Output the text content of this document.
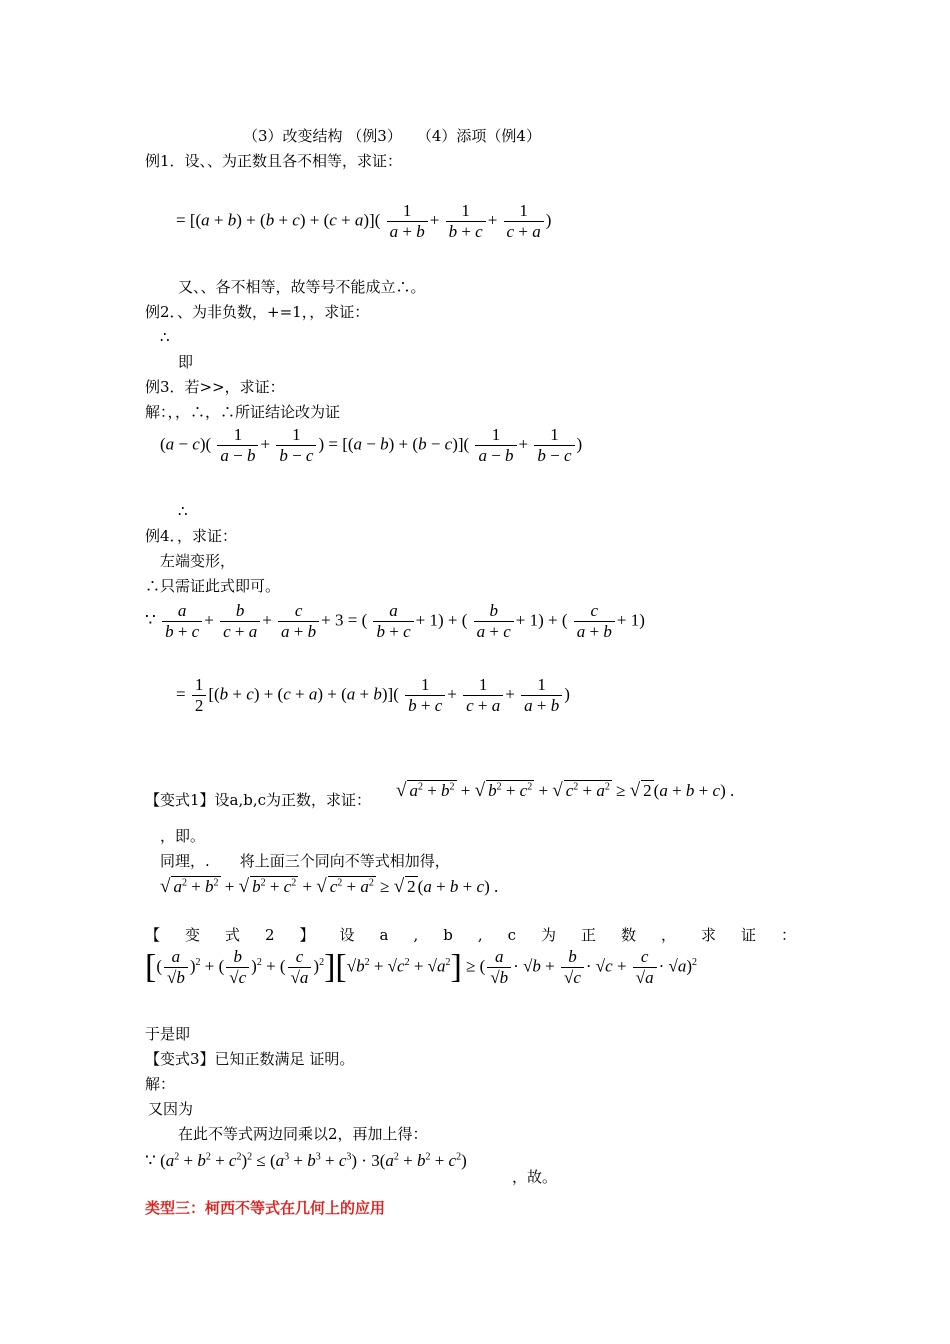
（3）改变结构 （例3）　　（4）添项（例4）
例1．设、、为正数且各不相等，求证：
= $[(a + b) + (b + c) + (c + a)]( \frac{1}{a + b} + \frac{1}{b + c} + \frac{1}{c + a}$ )
又、、各不相等，故等号不能成立∴。
例2．、为非负数，+=1，，求证：
∴
即
例3．若>>，求证：
解：，，∴，∴所证结论改为证
$(a - c)( \frac{1}{a - b} + \frac{1}{b - c}$ ) = $[(a - b) + (b - c)]( \frac{1}{a - b} + \frac{1}{b - c}$ )
∴
例4．，求证：
左端变形，
∴只需证此式即可。
∵ $\frac{a}{b + c} + \frac{b}{c + a} + \frac{c}{a + b} + 3$ = ( $\frac{a}{b + c} + 1$) + ( $\frac{b}{a + c} + 1$) + ( $\frac{c}{a + b} + 1$)
= $\frac{1}{2} [(b + c) + (c + a) + (a + b)]( \frac{1}{b + c} + \frac{1}{c + a} + \frac{1}{a + b}$ )
【变式1】设a,b,c为正数，求证： √ $a^2 + b^2$ + √ $b^2 + c^2$ + √ $c^2 + a^2$ ≥ √ 2 (a + b + c) .
，即。
同理，.　　将上面三个同向不等式相加得，
√ $a^2 + b^2$ + √ $b^2 + c^2$ + √ $c^2 + a^2$ ≥ √ 2 (a + b + c) .
【变式2】设a,b,c为正数，求证：
[( $\frac{a}{√b} )^2$ + ( $\frac{b}{√c} )^2$ + ( $\frac{c}{√a} )^2][√b^2 + √c^2 + √a^2]$ ≥ ( $\frac{a}{√b} \cdot √b + \frac{b}{√c} \cdot √c + \frac{c}{√a} \cdot √a)^2$
于是即
【变式3】已知正数满足 证明。
解：
又因为
在此不等式两边同乘以2，再加上得：
∵ $(a^2 + b^2 + c^2)^2 \le (a^3 + b^3 + c^3) \cdot 3(a^2 + b^2 + c^2)$
，故。
类型三：柯西不等式在几何上的应用
